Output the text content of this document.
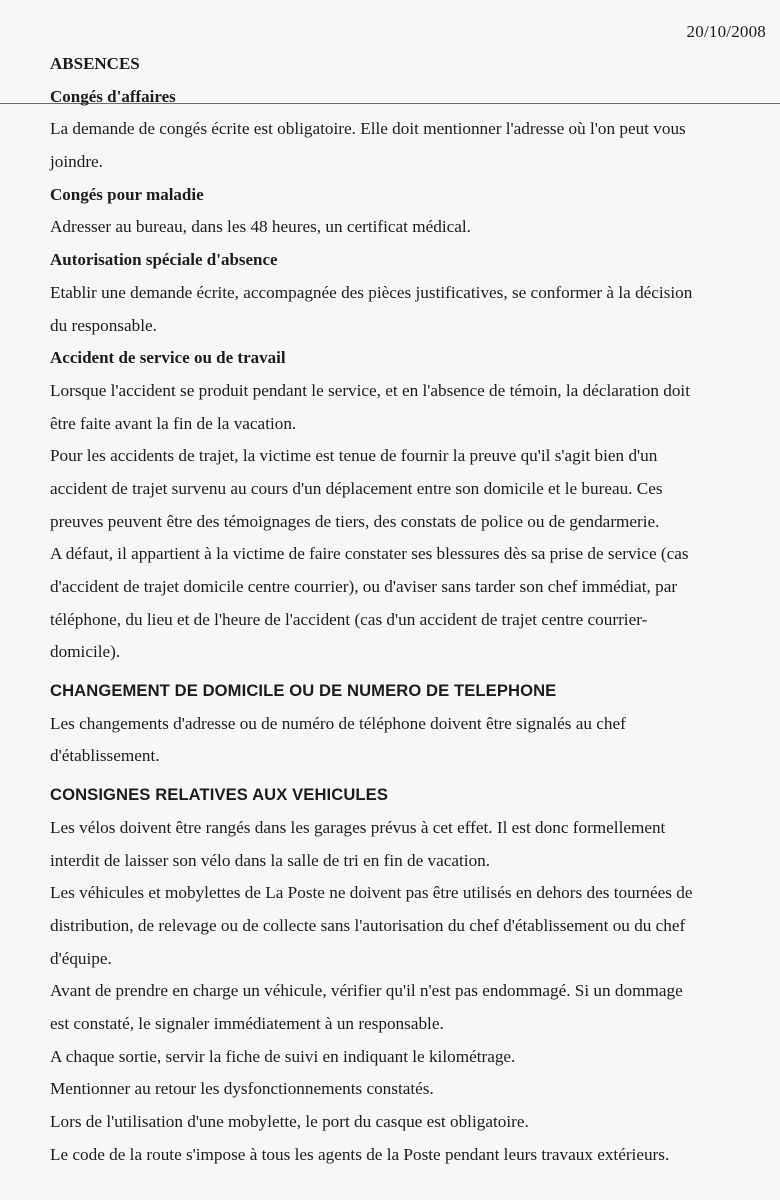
20/10/2008
ABSENCES
Congés d'affaires
La demande de congés écrite est obligatoire. Elle doit mentionner l'adresse où l'on peut vous
joindre.
Congés pour maladie
Adresser au bureau, dans les 48 heures, un certificat médical.
Autorisation spéciale d'absence
Etablir une demande écrite, accompagnée des pièces justificatives, se conformer à la décision
du responsable.
Accident de service ou de travail
Lorsque l'accident se produit pendant le service, et en l'absence de témoin, la déclaration doit
être faite avant la fin de la vacation.
Pour les accidents de trajet, la victime est tenue de fournir la preuve qu'il s'agit bien d'un
accident de trajet survenu au cours d'un déplacement entre son domicile et le bureau. Ces
preuves peuvent être des témoignages de tiers, des constats de police ou de gendarmerie.
A défaut, il appartient à la victime de faire constater ses blessures dès sa prise de service (cas
d'accident de trajet domicile centre courrier), ou d'aviser sans tarder son chef immédiat, par
téléphone, du lieu et de l'heure de l'accident (cas d'un accident de trajet centre courrier-
domicile).
CHANGEMENT DE DOMICILE OU DE NUMERO DE TELEPHONE
Les changements d'adresse ou de numéro de téléphone doivent être signalés au chef
d'établissement.
CONSIGNES RELATIVES AUX VEHICULES
Les vélos doivent être rangés dans les garages prévus à cet effet. Il est donc formellement
interdit de laisser son vélo dans la salle de tri en fin de vacation.
Les véhicules et mobylettes de La Poste ne doivent pas être utilisés en dehors des tournées de
distribution, de relevage ou de collecte sans l'autorisation du chef d'établissement ou du chef
d'équipe.
Avant de prendre en charge un véhicule, vérifier qu'il n'est pas endommagé. Si un dommage
est constaté, le signaler immédiatement à un responsable.
A chaque sortie, servir la fiche de suivi en indiquant le kilométrage.
Mentionner au retour les dysfonctionnements constatés.
Lors de l'utilisation d'une mobylette, le port du casque est obligatoire.
Le code de la route s'impose à tous les agents de la Poste pendant leurs travaux extérieurs.
